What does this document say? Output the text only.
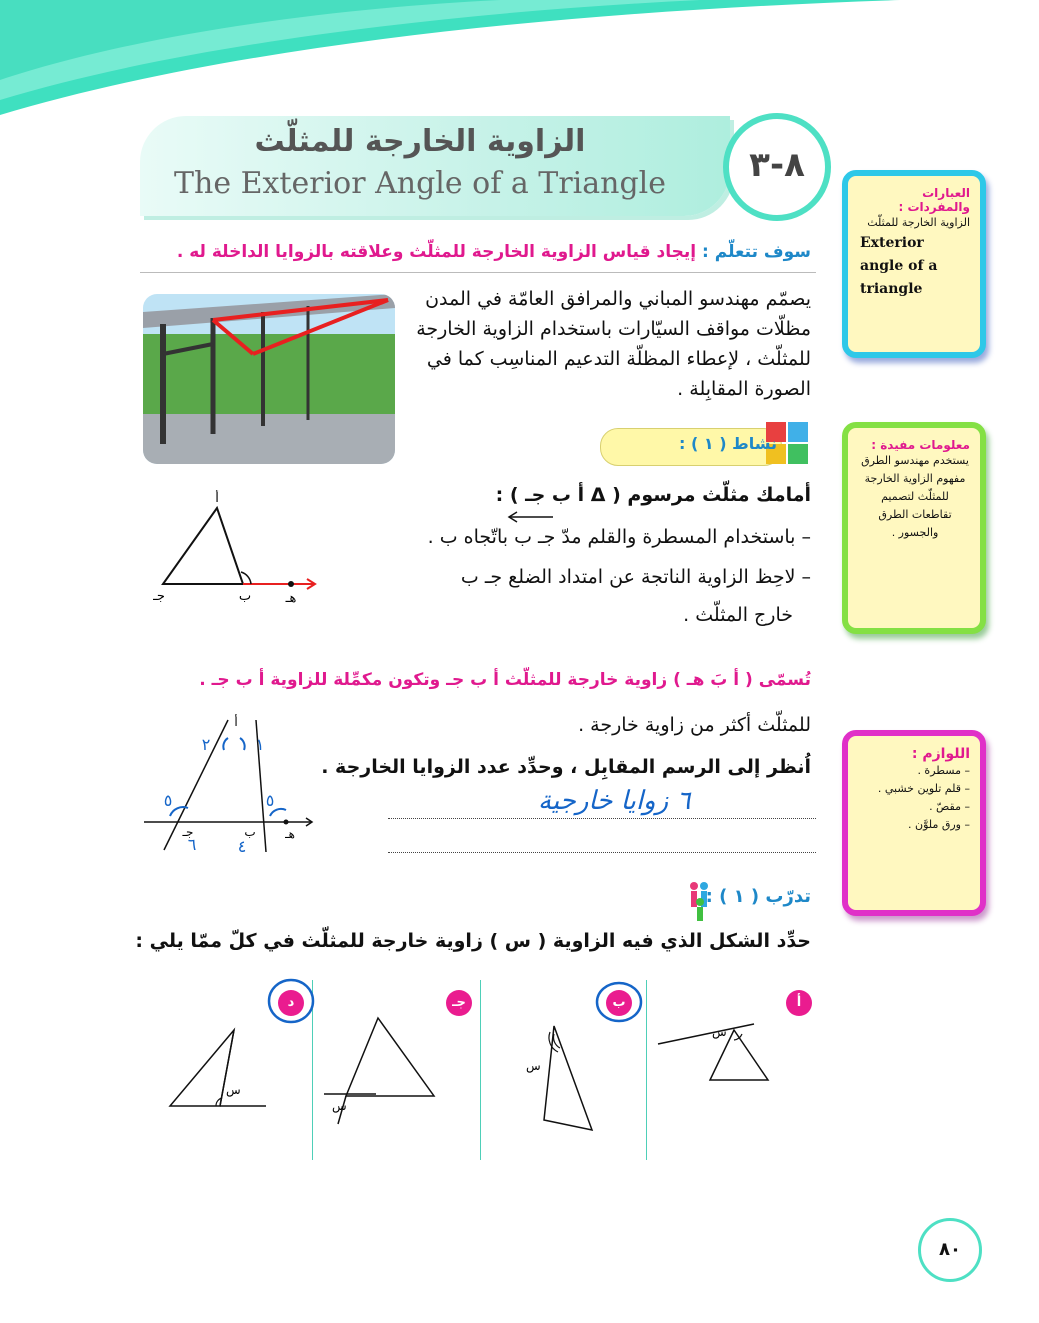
الزاوية الخارجة للمثلّث
The Exterior Angle of a Triangle	٨-٣
سوف تتعلّم : إيجاد قياس الزاوية الخارجة للمثلّث وعلاقته بالزوايا الداخلة له .
يصمّم مهندسو المباني والمرافق العامّة في المدن مظلّات مواقف السيّارات باستخدام الزاوية الخارجة للمثلّث ، لإعطاء المظلّة التدعيم المناسِب كما في الصورة المقابِلة .
نشاط ( ١ ) :
أمامك مثلّث مرسوم ( Δ أ ب جـ ) :
– باستخدام المسطرة والقلم مدّ جـ ب باتّجاه ب .
– لاحِظ الزاوية الناتجة عن امتداد الضلع جـ ب
خارج المثلّث .
أ
جـ	ب	هـ
تُسمّى ( أ بَ هـ ) زاوية خارجة للمثلّث أ ب جـ وتكون مكمِّلة للزاوية أ ب جـ .
للمثلّث أكثر من زاوية خارجة .
اُنظر إلى الرسم المقابِل ، وحدِّد عدد الزوايا الخارجة .
٦ زوايا خارجية
أ
جـ	ب هـ
١
٢
٥	٥
٦	٤
تدرّب ( ١ ) :
حدِّد الشكل الذي فيه الزاوية ( س ) زاوية خارجة للمثلّث في كلّ ممّا يلي :
أ
ب
جـ
د
س
س
س
س
العبارات والمفردات :
الزاوية الخارجة للمثلّث
Exterior angle of a triangle
معلومات مفيدة :
يستخدم مهندسو الطرق مفهوم الزاوية الخارجة للمثلّث لتصميم تقاطعات الطرق والجسور .
اللوازم :
– مسطرة .
– قلم تلوين خشبي .
– مقصّ .
– ورق ملوَّن .
٨٠
